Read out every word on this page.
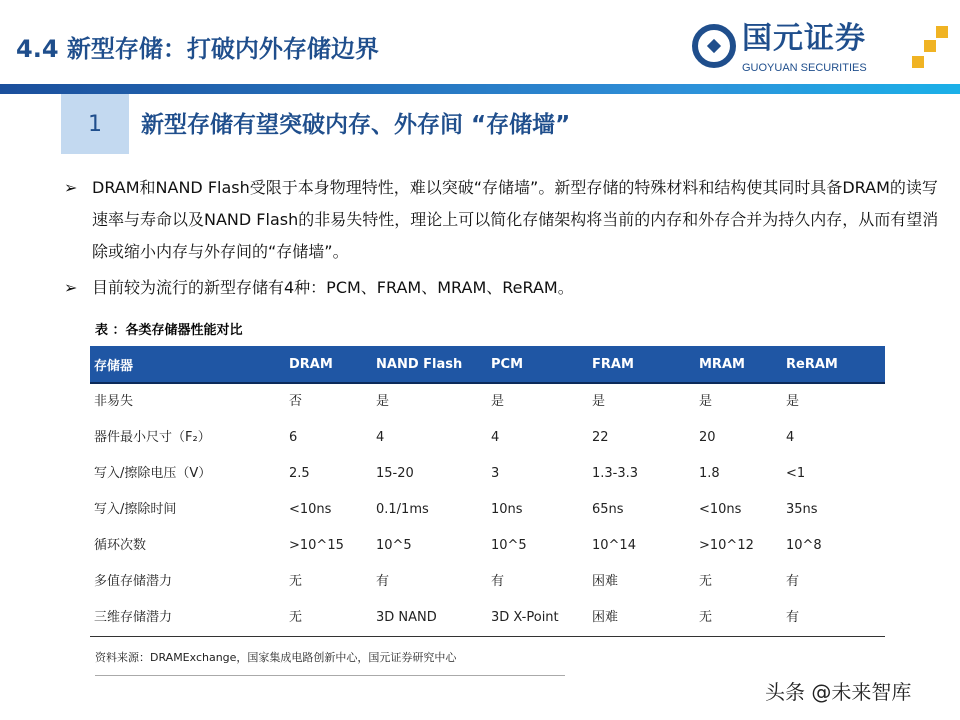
4.4 新型存储：打破内外存储边界	国元证券
GUOYUAN SECURITIES
1	新型存储有望突破内存、外存间 “存储墙”
➢ DRAM和NAND Flash受限于本身物理特性，难以突破“存储墙”。新型存储的特殊材料和结构使其同时具备DRAM的读写速率与寿命以及NAND Flash的非易失特性，理论上可以简化存储架构将当前的内存和外存合并为持久内存，从而有望消除或缩小内存与外存间的“存储墙”。
➢ 目前较为流行的新型存储有4种：PCM、FRAM、MRAM、ReRAM。
表 ：各类存储器性能对比
存储器	DRAM	NAND Flash	PCM	FRAM	MRAM	ReRAM
非易失	否	是	是	是	是	是
器件最小尺寸（F₂）	6	4	4	22	20	4
写入/擦除电压（V）	2.5	15-20	3	1.3-3.3	1.8	<1
写入/擦除时间	<10ns	0.1/1ms	10ns	65ns	<10ns	35ns
循环次数	>10^15	10^5	10^5	10^14	>10^12	10^8
多值存储潜力	无	有	有	困难	无	有
三维存储潜力	无	3D NAND	3D X-Point	困难	无	有
资料来源：DRAMExchange，国家集成电路创新中心，国元证券研究中心
头条 @未来智库
